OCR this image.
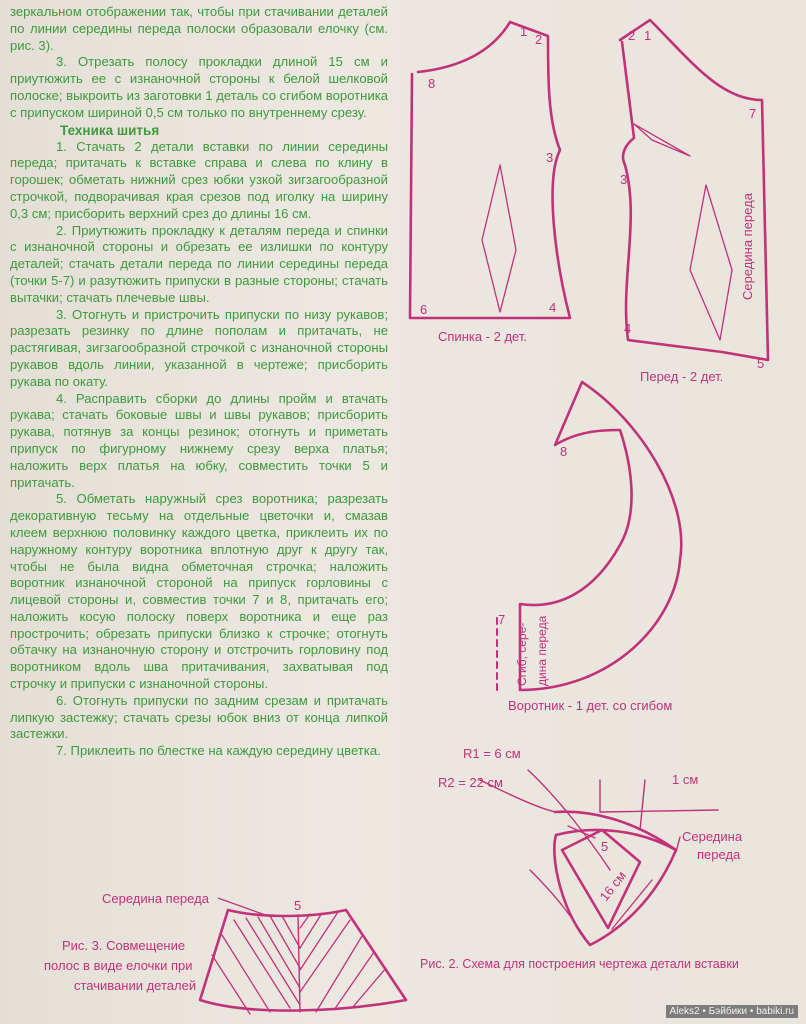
зеркальном отображении так, чтобы при стачивании деталей по линии середины переда полоски образовали елочку (см. рис. 3).

3. Отрезать полосу прокладки длиной 15 см и приутюжить ее с изнаночной стороны к белой шелковой полоске; выкроить из заготовки 1 деталь со сгибом воротника с припуском шириной 0,5 см только по внутреннему срезу.

Техника шитья

1. Стачать 2 детали вставки по линии середины переда; притачать к вставке справа и слева по клину в горошек; обметать нижний срез юбки узкой зигзагообразной строчкой, подворачивая края срезов под иголку на ширину 0,3 см; присборить верхний срез до длины 16 см.

2. Приутюжить прокладку к деталям переда и спинки с изнаночной стороны и обрезать ее излишки по контуру деталей; стачать детали переда по линии середины переда (точки 5-7) и разутюжить припуски в разные стороны; стачать вытачки; стачать плечевые швы.

3. Отогнуть и пристрочить припуски по низу рукавов; разрезать резинку по длине пополам и притачать, не растягивая, зигзагообразной строчкой с изнаночной стороны рукавов вдоль линии, указанной в чертеже; присборить рукава по окату.

4. Расправить сборки до длины пройм и втачать рукава; стачать боковые швы и швы рукавов; присборить рукава, потянув за концы резинок; отогнуть и приметать припуск по фигурному нижнему срезу верха платья; наложить верх платья на юбку, совместить точки 5 и притачать.

5. Обметать наружный срез воротника; разрезать декоративную тесьму на отдельные цветочки и, смазав клеем верхнюю половинку каждого цветка, приклеить их по наружному контуру воротника вплотную друг к другу так, чтобы не была видна обметочная строчка; наложить воротник изнаночной стороной на припуск горловины с лицевой стороны и, совместив точки 7 и 8, притачать его; наложить косую полоску поверх воротника и еще раз прострочить; обрезать припуски близко к строчке; отогнуть обтачку на изнаночную сторону и отстрочить горловину под воротником вдоль шва притачивания, захватывая под строчку и припуски с изнаночной стороны.

6. Отогнуть припуски по задним срезам и притачать липкую застежку; стачать срезы юбок вниз от конца липкой застежки.

7. Приклеить по блестке на каждую середину цветка.

1
2
3
4
6
8
Спинка - 2 дет.
2 1
7
3
4
5
Середина переда
Перед - 2 дет.
8
7
Сгиб, сере- дина переда
Воротник - 1 дет. со сгибом
R1 = 6 см
R2 = 22 см	1 см
5
16 см
Середина
переда
Рис. 2. Схема для построения чертежа детали вставки
Середина переда	5
Рис. 3. Совмещение
полос в виде елочки при
стачивании деталей
Aleks2 • Бэйбики • babiki.ru
